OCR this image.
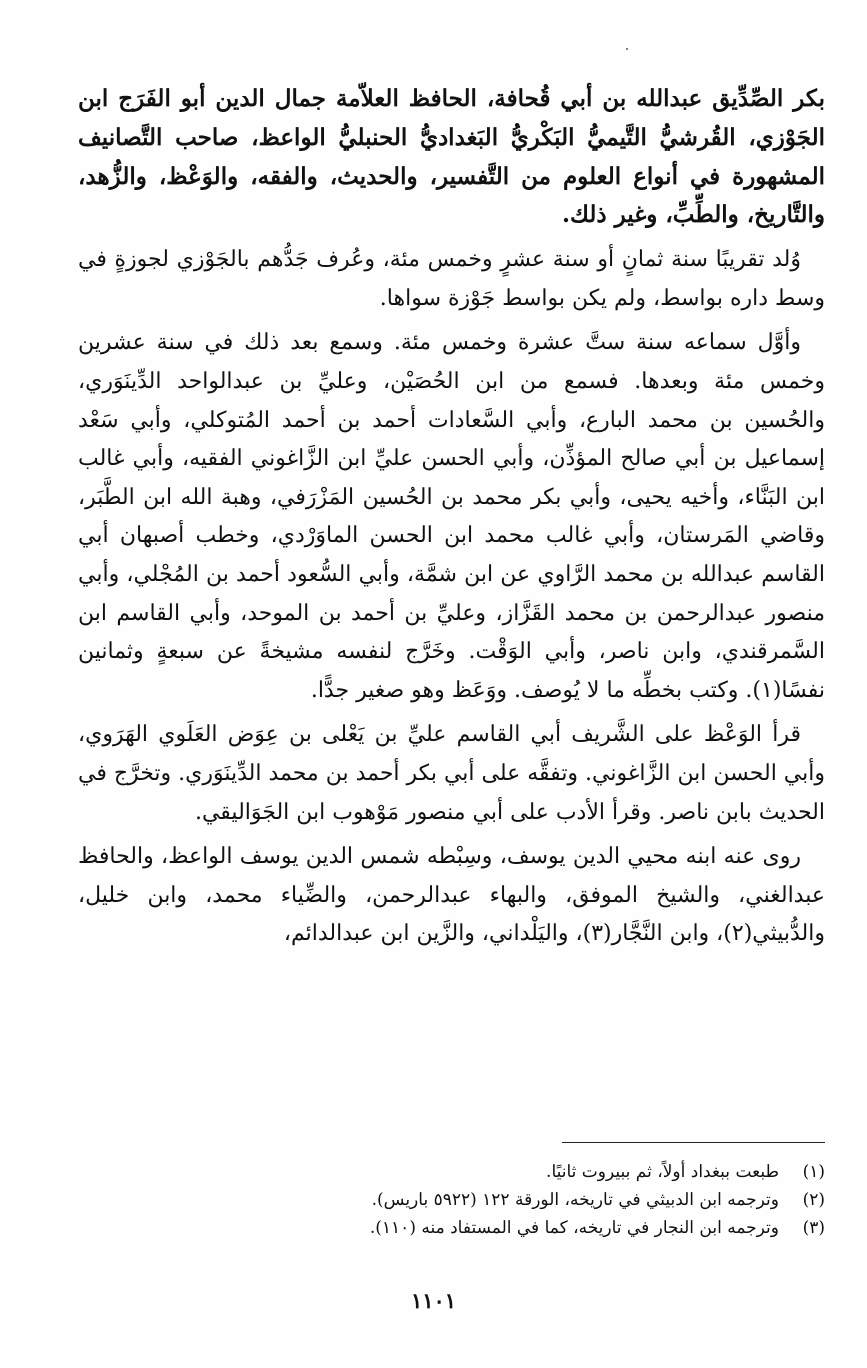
بكر الصِّدِّيق عبدالله بن أبي قُحافة، الحافظ العلاّمة جمال الدين أبو الفَرَج ابن الجَوْزي، القُرشيُّ التَّيميُّ البَكْريُّ البَغداديُّ الحنبليُّ الواعظ، صاحب التَّصانيف المشهورة في أنواع العلوم من التَّفسير، والحديث، والفقه، والوَعْظ، والزُّهد، والتَّاريخ، والطِّبِّ، وغير ذلك.

وُلد تقريبًا سنة ثمانٍ أو سنة عشرٍ وخمس مئة، وعُرف جَدُّهم بالجَوْزي لجوزةٍ في وسط داره بواسط، ولم يكن بواسط جَوْزة سواها.

وأوَّل سماعه سنة ستَّ عشرة وخمس مئة. وسمع بعد ذلك في سنة عشرين وخمس مئة وبعدها. فسمع من ابن الحُصَيْن، وعليِّ بن عبدالواحد الدِّينَوَري، والحُسين بن محمد البارع، وأبي السَّعادات أحمد بن أحمد المُتوكلي، وأبي سَعْد إسماعيل بن أبي صالح المؤذِّن، وأبي الحسن عليِّ ابن الزَّاغوني الفقيه، وأبي غالب ابن البَنَّاء، وأخيه يحيى، وأبي بكر محمد بن الحُسين المَزْرَفي، وهبة الله ابن الطَّبَر، وقاضي المَرستان، وأبي غالب محمد ابن الحسن الماوَرْدي، وخطب أصبهان أبي القاسم عبدالله بن محمد الرَّاوي عن ابن شمَّة، وأبي السُّعود أحمد بن المُجْلي، وأبي منصور عبدالرحمن بن محمد القَزَّاز، وعليِّ بن أحمد بن الموحد، وأبي القاسم ابن السَّمرقندي، وابن ناصر، وأبي الوَقْت. وخَرَّج لنفسه مشيخةً عن سبعةٍ وثمانين نفسًا(١). وكتب بخطِّه ما لا يُوصف. ووَعَظ وهو صغير جدًّا.

قرأ الوَعْظ على الشَّريف أبي القاسم عليِّ بن يَعْلى بن عِوَض العَلَوي الهَرَوي، وأبي الحسن ابن الزَّاغوني. وتفقَّه على أبي بكر أحمد بن محمد الدِّينَوَري. وتخرَّج في الحديث بابن ناصر. وقرأ الأدب على أبي منصور مَوْهوب ابن الجَوَاليقي.

روى عنه ابنه محيي الدين يوسف، وسِبْطه شمس الدين يوسف الواعظ، والحافظ عبدالغني، والشيخ الموفق، والبهاء عبدالرحمن، والضِّياء محمد، وابن خليل، والدُّبيثي(٢)، وابن النَّجَّار(٣)، واليَلْداني، والزَّين ابن عبدالدائم،

(١)طبعت ببغداد أولاً، ثم ببيروت ثانيًا.
(٢)وترجمه ابن الدبيثي في تاريخه، الورقة ١٢٢ (٥٩٢٢ باريس).
(٣)وترجمه ابن النجار في تاريخه، كما في المستفاد منه (١١٠).
١١٠١
